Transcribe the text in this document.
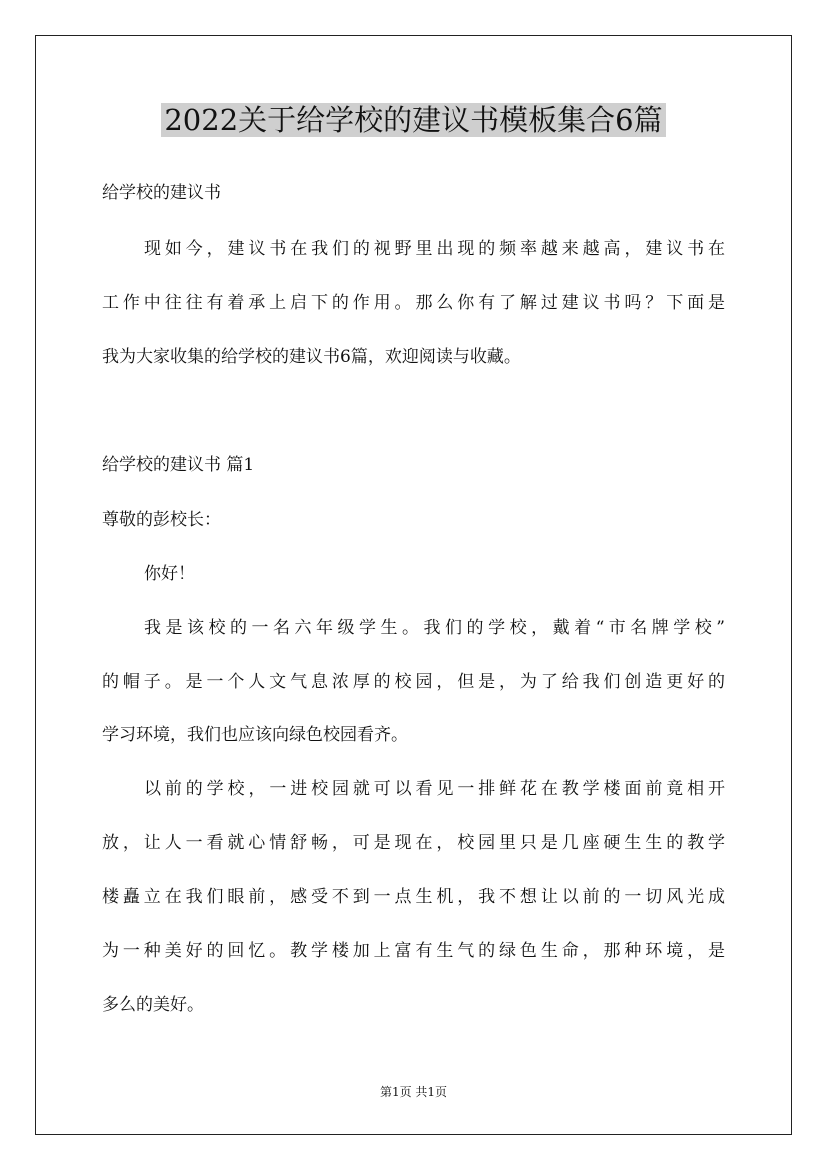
2022关于给学校的建议书模板集合6篇
给学校的建议书
现如今，建议书在我们的视野里出现的频率越来越高，建议书在
工作中往往有着承上启下的作用。那么你有了解过建议书吗？下面是
我为大家收集的给学校的建议书6篇，欢迎阅读与收藏。
给学校的建议书 篇1
尊敬的彭校长：
你好！
我是该校的一名六年级学生。我们的学校，戴着“市名牌学校”
的帽子。是一个人文气息浓厚的校园，但是，为了给我们创造更好的
学习环境，我们也应该向绿色校园看齐。
以前的学校，一进校园就可以看见一排鲜花在教学楼面前竟相开
放，让人一看就心情舒畅，可是现在，校园里只是几座硬生生的教学
楼矗立在我们眼前，感受不到一点生机，我不想让以前的一切风光成
为一种美好的回忆。教学楼加上富有生气的绿色生命，那种环境，是
多么的美好。
第1页 共1页
